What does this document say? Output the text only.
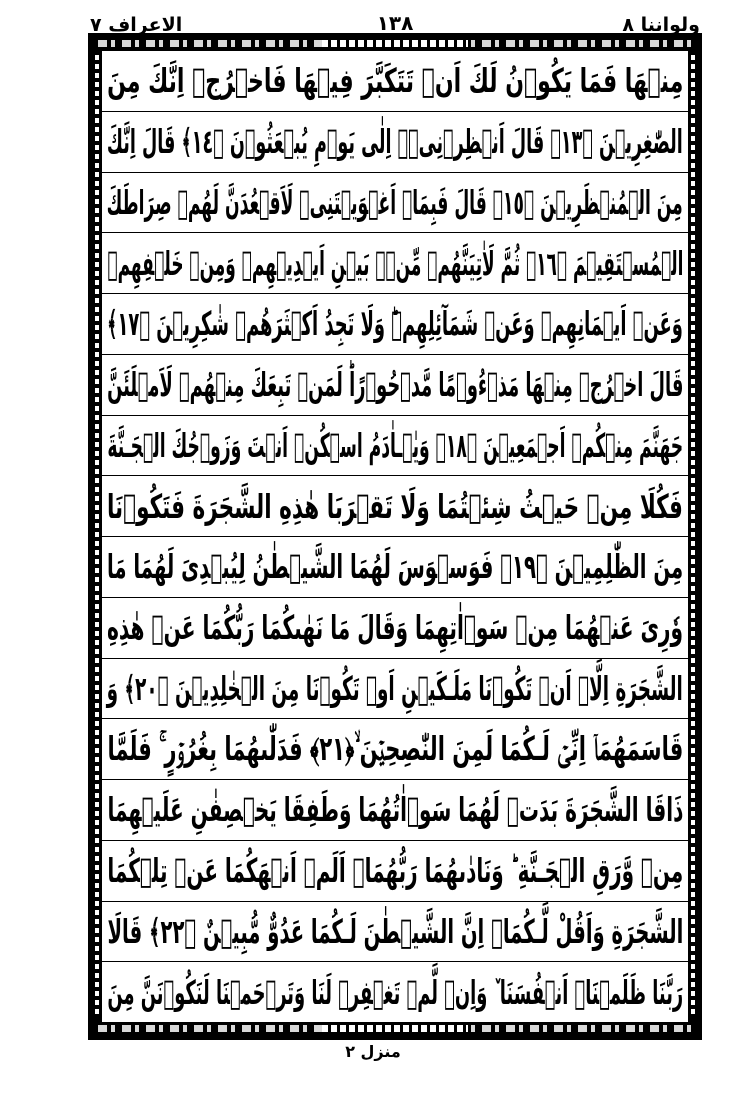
الاعراف ٧	١٣٨	ولواننا ٨
مِنۡهَا فَمَا يَكُوۡنُ لَكَ اَنۡ تَتَكَبَّرَ فِيۡهَا فَاخۡرُجۡ اِنَّكَ مِنَ
الصّٰغِرِيۡنَ ﴿١٣﴾ قَالَ اَنۡظِرۡنِىۡۤ اِلٰى يَوۡمِ يُبۡعَثُوۡنَ ﴿١٤﴾ قَالَ اِنَّكَ
مِنَ الۡمُنۡظَرِيۡنَ ﴿١٥﴾ قَالَ فَبِمَاۤ اَغۡوَيۡتَنِىۡ لَاَقۡعُدَنَّ لَهُمۡ صِرَاطَكَ
الۡمُسۡتَقِيۡمَ ﴿١٦﴾ ثُمَّ لَاٰتِيَنَّهُمۡ مِّنۡۢ بَيۡنِ اَيۡدِيۡهِمۡ وَمِنۡ خَلۡفِهِمۡ
وَعَنۡ اَيۡمَانِهِمۡ وَعَنۡ شَمَآئِلِهِمۡ‌ؕ وَلَا تَجِدُ اَكۡثَرَهُمۡ شٰكِرِيۡنَ ﴿١٧﴾
قَالَ اخۡرُجۡ مِنۡهَا مَذۡءُوۡمًا مَّدۡحُوۡرًا‌ؕ لَمَنۡ تَبِعَكَ مِنۡهُمۡ لَاَمۡلَئَنَّ
جَهَنَّمَ مِنۡكُمۡ اَجۡمَعِيۡنَ ﴿١٨﴾ وَيٰۤـاٰدَمُ اسۡكُنۡ اَنۡتَ وَزَوۡجُكَ الۡجَـنَّةَ
فَكُلَا مِنۡ حَيۡثُ شِئۡتُمَا وَلَا تَقۡرَبَا هٰذِهِ الشَّجَرَةَ فَتَكُوۡنَا
مِنَ الظّٰلِمِيۡنَ ﴿١٩﴾ فَوَسۡوَسَ لَهُمَا الشَّيۡطٰنُ لِيُبۡدِىَ لَهُمَا مَا
وٗرِىَ عَنۡهُمَا مِنۡ سَوۡاٰتِهِمَا وَقَالَ مَا نَهٰٮكُمَا رَبُّكُمَا عَنۡ هٰذِهِ
الشَّجَرَةِ اِلَّاۤ اَنۡ تَكُوۡنَا مَلَـكَيۡنِ اَوۡ تَكُوۡنَا مِنَ الۡخٰلِدِيۡنَ ﴿٢٠﴾ وَ
قَاسَمَهُمَاۤ اِنِّىۡ لَـكُمَا لَمِنَ النّٰصِحِيۡنَ ۙ﴿٢١﴾ فَدَلّٰٮهُمَا بِغُرُوۡرٍ‌ ۚ فَلَمَّا
ذَاقَا الشَّجَرَةَ بَدَتۡ لَهُمَا سَوۡاٰتُهُمَا وَطَفِقَا يَخۡصِفٰنِ عَلَيۡهِمَا
مِنۡ وَّرَقِ الۡجَـنَّةِ‌ ؕ وَنَادٰٮهُمَا رَبُّهُمَاۤ اَلَمۡ اَنۡهَكُمَا عَنۡ تِلۡكُمَا
الشَّجَرَةِ وَاَقُلْ لَّـكُمَاۤ اِنَّ الشَّيۡطٰنَ لَـكُمَا عَدُوٌّ مُّبِيۡنٌ ﴿٢٢﴾ قَالَا
رَبَّنَا ظَلَمۡنَاۤ اَنۡفُسَنَا ٚ وَاِنۡ لَّمۡ تَغۡفِرۡ لَنَا وَتَرۡحَمۡنَا لَنَكُوۡنَنَّ مِنَ
منزل ٢
